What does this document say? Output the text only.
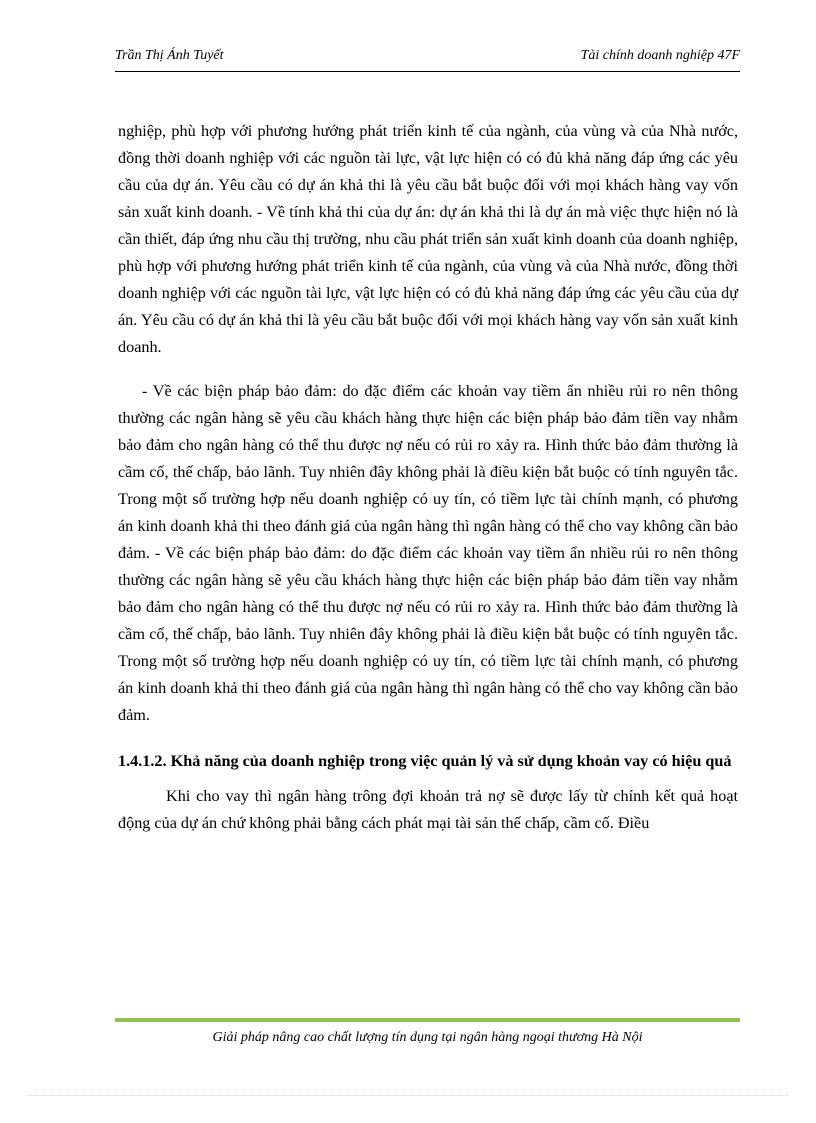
Trần Thị Ánh Tuyết	Tài chính doanh nghiệp 47F

nghiệp, phù hợp với phương hướng phát triển kinh tế của ngành, của vùng và của Nhà nước, đồng thời doanh nghiệp với các nguồn tài lực, vật lực hiện có có đủ khả năng đáp ứng các yêu cầu của dự án. Yêu cầu có dự án khả thi là yêu cầu bắt buộc đối với mọi khách hàng vay vốn sản xuất kinh doanh. - Về tính khả thi của dự án: dự án khả thi là dự án mà việc thực hiện nó là cần thiết, đáp ứng nhu cầu thị trường, nhu cầu phát triển sản xuất kinh doanh của doanh nghiệp, phù hợp với phương hướng phát triển kinh tế của ngành, của vùng và của Nhà nước, đồng thời doanh nghiệp với các nguồn tài lực, vật lực hiện có có đủ khả năng đáp ứng các yêu cầu của dự án. Yêu cầu có dự án khả thi là yêu cầu bắt buộc đối với mọi khách hàng vay vốn sản xuất kinh doanh.

- Về các biện pháp bảo đảm: do đặc điểm các khoản vay tiềm ẩn nhiều rủi ro nên thông thường các ngân hàng sẽ yêu cầu khách hàng thực hiện các biện pháp bảo đảm tiền vay nhằm bảo đảm cho ngân hàng có thể thu được nợ nếu có rủi ro xảy ra. Hình thức bảo đảm thường là cầm cố, thế chấp, bảo lãnh. Tuy nhiên đây không phải là điều kiện bắt buộc có tính nguyên tắc. Trong một số trường hợp nếu doanh nghiệp có uy tín, có tiềm lực tài chính mạnh, có phương án kinh doanh khả thi theo đánh giá của ngân hàng thì ngân hàng có thể cho vay không cần bảo đảm. - Về các biện pháp bảo đảm: do đặc điểm các khoản vay tiềm ẩn nhiều rủi ro nên thông thường các ngân hàng sẽ yêu cầu khách hàng thực hiện các biện pháp bảo đảm tiền vay nhằm bảo đảm cho ngân hàng có thể thu được nợ nếu có rủi ro xảy ra. Hình thức bảo đảm thường là cầm cố, thế chấp, bảo lãnh. Tuy nhiên đây không phải là điều kiện bắt buộc có tính nguyên tắc. Trong một số trường hợp nếu doanh nghiệp có uy tín, có tiềm lực tài chính mạnh, có phương án kinh doanh khả thi theo đánh giá của ngân hàng thì ngân hàng có thể cho vay không cần bảo đảm.

1.4.1.2. Khả năng của doanh nghiệp trong việc quản lý và sử dụng khoản vay có hiệu quả

Khi cho vay thì ngân hàng trông đợi khoản trả nợ sẽ được lấy từ chính kết quả hoạt động của dự án chứ không phải bằng cách phát mại tài sản thế chấp, cầm cố. Điều

Giải pháp nâng cao chất lượng tín dụng tại ngân hàng ngoại thương Hà Nội
